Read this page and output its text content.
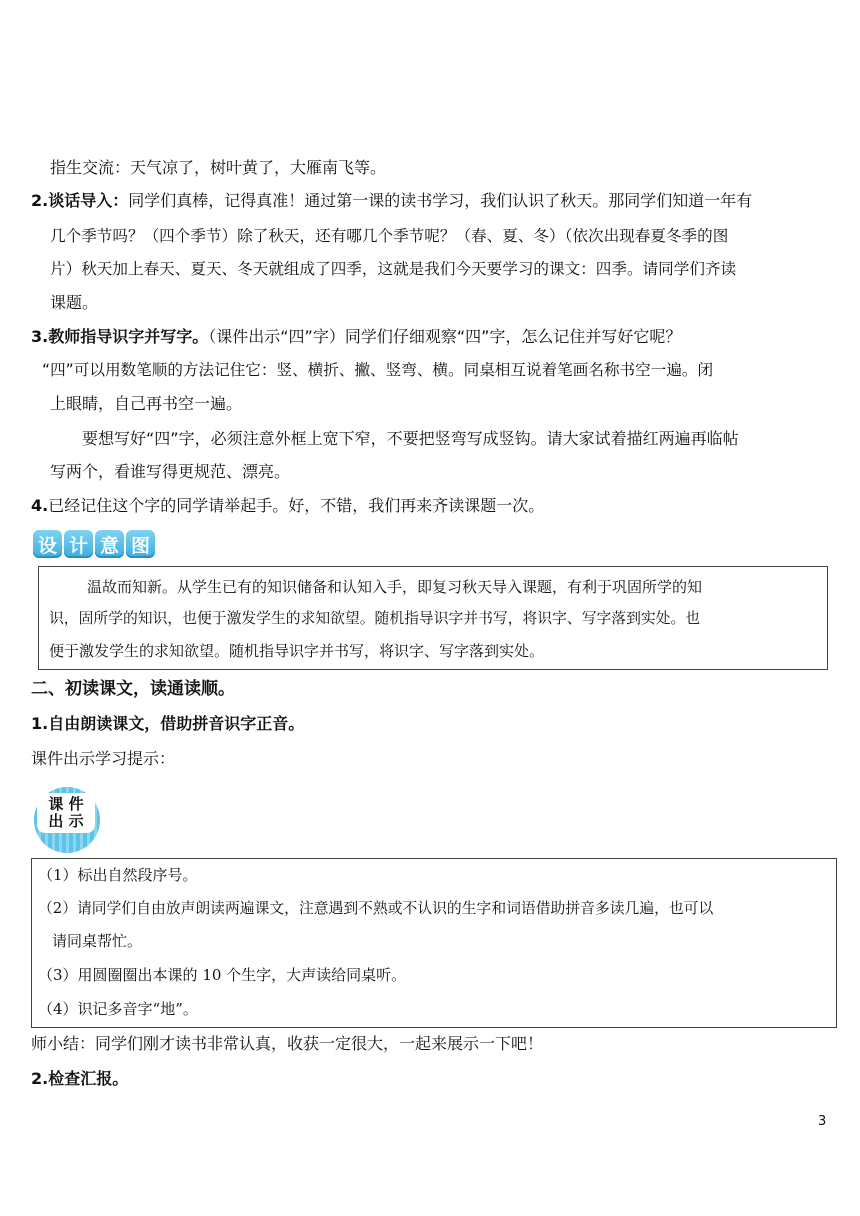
指生交流：天气凉了，树叶黄了，大雁南飞等。
2.谈话导入：同学们真棒，记得真准！通过第一课的读书学习，我们认识了秋天。那同学们知道一年有
几个季节吗？（四个季节）除了秋天，还有哪几个季节呢？（春、夏、冬）（依次出现春夏冬季的图
片）秋天加上春天、夏天、冬天就组成了四季，这就是我们今天要学习的课文：四季。请同学们齐读
课题。
3.教师指导识字并写字。（课件出示“四”字）同学们仔细观察“四”字，怎么记住并写好它呢？
“四”可以用数笔顺的方法记住它：竖、横折、撇、竖弯、横。同桌相互说着笔画名称书空一遍。闭
上眼睛，自己再书空一遍。
要想写好“四”字，必须注意外框上宽下窄，不要把竖弯写成竖钩。请大家试着描红两遍再临帖
写两个，看谁写得更规范、漂亮。
4.已经记住这个字的同学请举起手。好，不错，我们再来齐读课题一次。
设 计 意 图
温故而知新。从学生已有的知识储备和认知入手，即复习秋天导入课题，有利于巩固所学的知
识，固所学的知识，也便于激发学生的求知欲望。随机指导识字并书写，将识字、写字落到实处。也
便于激发学生的求知欲望。随机指导识字并书写，将识字、写字落到实处。
二、初读课文，读通读顺。
1.自由朗读课文，借助拼音识字正音。
课件出示学习提示：
课 件
出 示
（1）标出自然段序号。
（2）请同学们自由放声朗读两遍课文，注意遇到不熟或不认识的生字和词语借助拼音多读几遍，也可以
请同桌帮忙。
（3）用圆圈圈出本课的 10 个生字，大声读给同桌听。
（4）识记多音字“地”。
师小结：同学们刚才读书非常认真，收获一定很大，一起来展示一下吧！
2.检查汇报。
3
